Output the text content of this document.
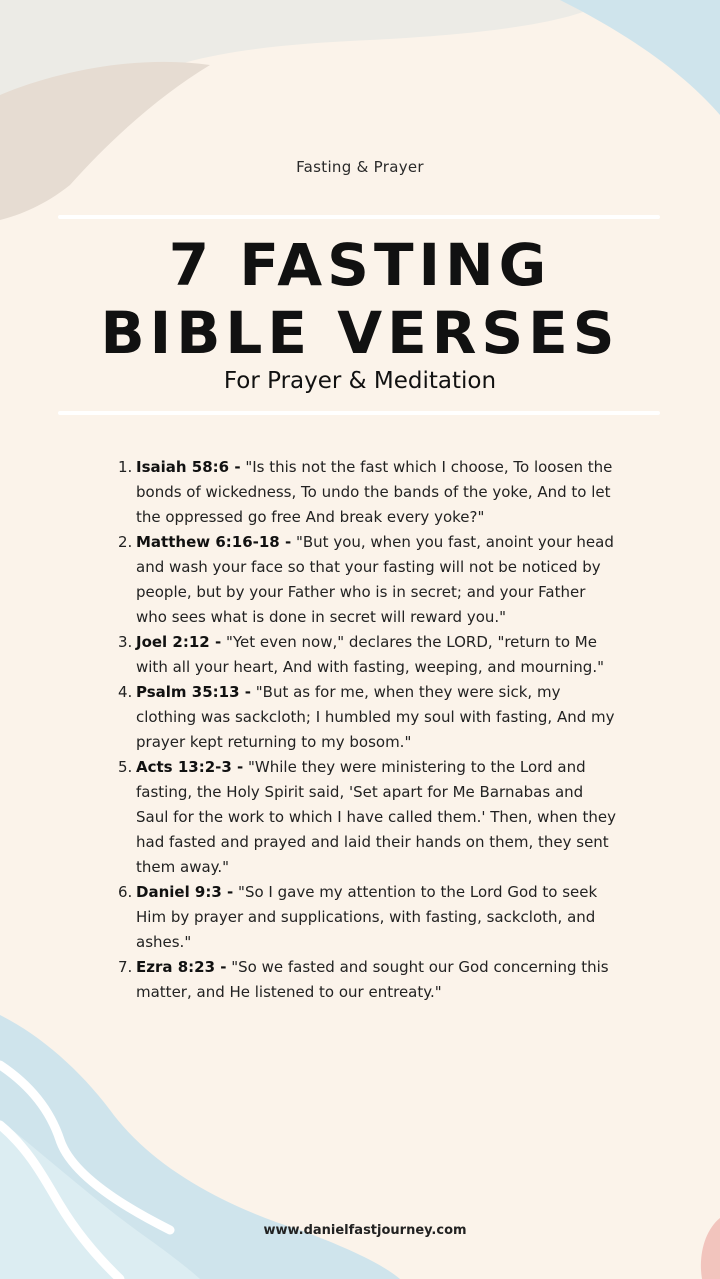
Fasting & Prayer
7 FASTING
BIBLE VERSES
For Prayer & Meditation
1. Isaiah 58:6 - "Is this not the fast which I choose, To loosen the bonds of wickedness, To undo the bands of the yoke, And to let the oppressed go free And break every yoke?"
2. Matthew 6:16-18 - "But you, when you fast, anoint your head and wash your face so that your fasting will not be noticed by people, but by your Father who is in secret; and your Father who sees what is done in secret will reward you."
3. Joel 2:12 - "Yet even now," declares the LORD, "return to Me with all your heart, And with fasting, weeping, and mourning."
4. Psalm 35:13 - "But as for me, when they were sick, my clothing was sackcloth; I humbled my soul with fasting, And my prayer kept returning to my bosom."
5. Acts 13:2-3 - "While they were ministering to the Lord and fasting, the Holy Spirit said, 'Set apart for Me Barnabas and Saul for the work to which I have called them.' Then, when they had fasted and prayed and laid their hands on them, they sent them away."
6. Daniel 9:3 - "So I gave my attention to the Lord God to seek Him by prayer and supplications, with fasting, sackcloth, and ashes."
7. Ezra 8:23 - "So we fasted and sought our God concerning this matter, and He listened to our entreaty."
www.danielfastjourney.com
